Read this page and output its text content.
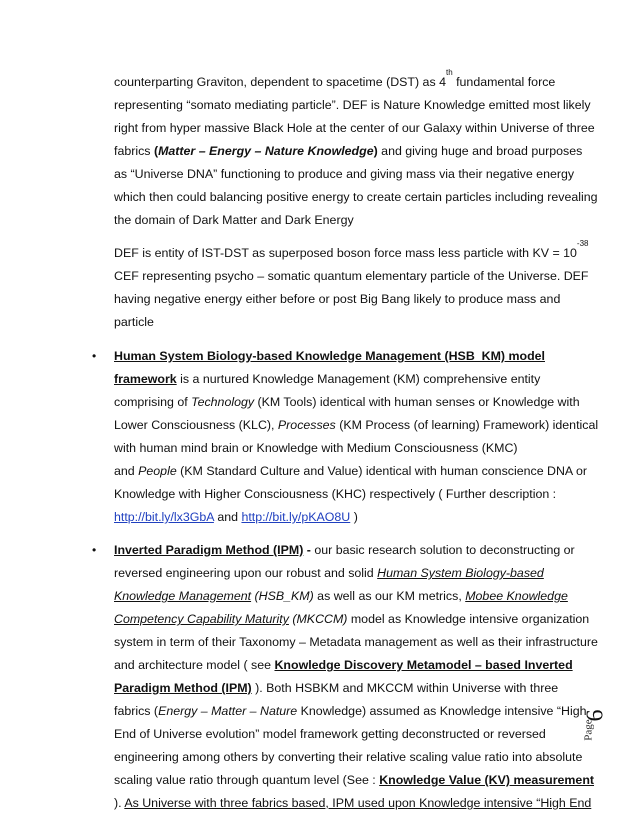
counterparting Graviton, dependent to spacetime (DST) as 4th fundamental force
representing “somato mediating particle”. DEF is Nature Knowledge emitted most likely
right from hyper massive Black Hole at the center of our Galaxy within Universe of three
fabrics (Matter – Energy – Nature Knowledge) and giving huge and broad purposes
as “Universe DNA” functioning to produce and giving mass via their negative energy
which then could balancing positive energy to create certain particles including revealing
the domain of Dark Matter and Dark Energy
DEF is entity of IST-DST as superposed boson force mass less particle with KV = $10^{-38}$
CEF representing psycho – somatic quantum elementary particle of the Universe. DEF
having negative energy either before or post Big Bang likely to produce mass and
particle
• Human System Biology-based Knowledge Management (HSB_KM) model
framework is a nurtured Knowledge Management (KM) comprehensive entity
comprising of Technology (KM Tools) identical with human senses or Knowledge with
Lower Consciousness (KLC), Processes (KM Process (of learning) Framework) identical
with human mind brain or Knowledge with Medium Consciousness (KMC)
and People (KM Standard Culture and Value) identical with human conscience DNA or
Knowledge with Higher Consciousness (KHC) respectively ( Further description :
http://bit.ly/lx3GbA and http://bit.ly/pKAO8U )
• Inverted Paradigm Method (IPM) - our basic research solution to deconstructing or
reversed engineering upon our robust and solid Human System Biology-based
Knowledge Management (HSB_KM) as well as our KM metrics, Mobee Knowledge
Competency Capability Maturity (MKCCM) model as Knowledge intensive organization
system in term of their Taxonomy – Metadata management as well as their infrastructure
and architecture model ( see Knowledge Discovery Metamodel – based Inverted
Paradigm Method (IPM) ). Both HSBKM and MKCCM within Universe with three
fabrics (Energy – Matter – Nature Knowledge) assumed as Knowledge intensive “High
End of Universe evolution” model framework getting deconstructed or reversed
engineering among others by converting their relative scaling value ratio into absolute
scaling value ratio through quantum level (See : Knowledge Value (KV) measurement
). As Universe with three fabrics based, IPM used upon Knowledge intensive “High End
6
Page
